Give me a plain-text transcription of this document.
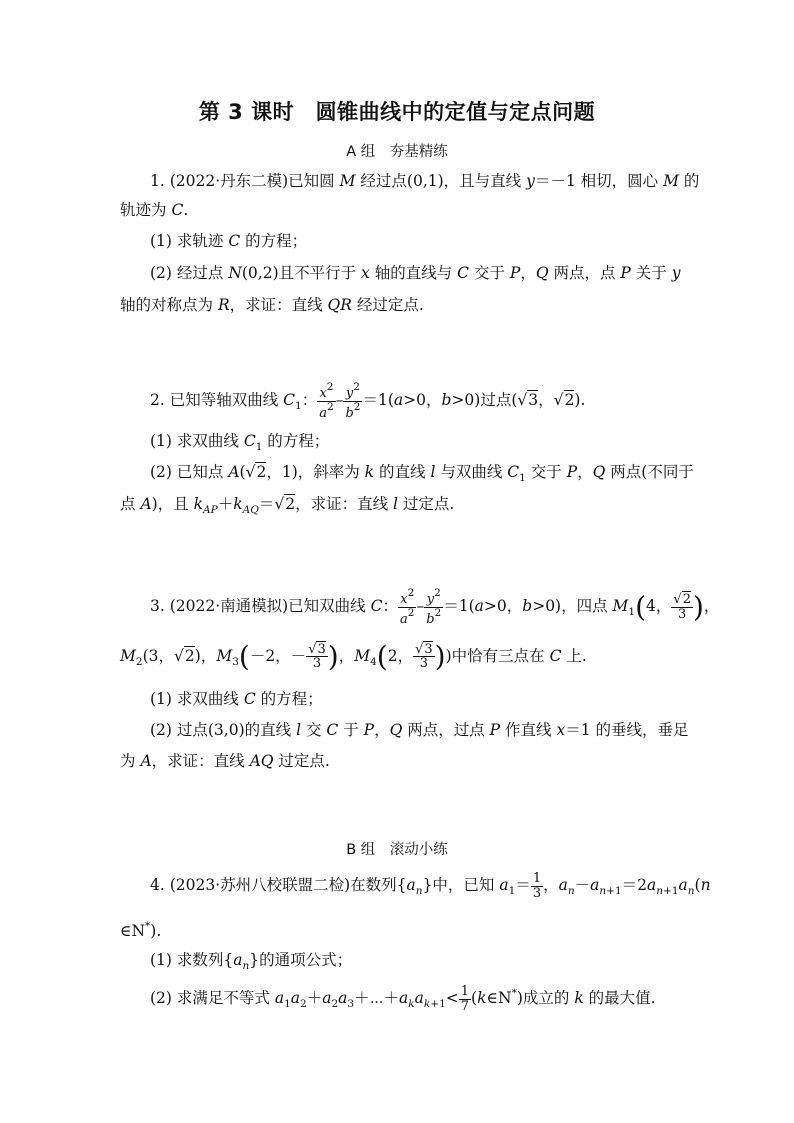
第 3 课时　圆锥曲线中的定值与定点问题
A 组　夯基精练
1. (2022·丹东二模)已知圆 M 经过点(0,1)，且与直线 y＝－1 相切，圆心 M 的
轨迹为 C.
(1) 求轨迹 C 的方程；
(2) 经过点 N(0,2)且不平行于 x 轴的直线与 C 交于 P，Q 两点，点 P 关于 y
轴的对称点为 R，求证：直线 QR 经过定点.
2. 已知等轴双曲线 $C_1$： $\frac{x^2}{a^2} - \frac{y^2}{b^2} =1(a>0$，b>0)过点(√3，√2).
(1) 求双曲线 $C_1$ 的方程；
(2) 已知点 A(√2，1)，斜率为 k 的直线 l 与双曲线 $C_1$ 交于 P，Q 两点(不同于
点 A)，且 $k_{AP}+k_{AQ}=√2$，求证：直线 l 过定点.
3. (2022·南通模拟)已知双曲线 C： $\frac{x^2}{a^2} - \frac{y^2}{b^2} =1(a>0$，b>0)，四点 $M_1(4$， $\frac{√2}{3}$ )，
$M_2(3$，√2)，$M_3(-2$，－ $\frac{√3}{3}$ )，$M_4(2$， $\frac{√3}{3}$ ))中恰有三点在 C 上.
(1) 求双曲线 C 的方程；
(2) 过点(3,0)的直线 l 交 C 于 P，Q 两点，过点 P 作直线 x＝1 的垂线，垂足
为 A，求证：直线 AQ 过定点.
B 组　滚动小练
4. (2023·苏州八校联盟二检)在数列$\{a_n\}$中，已知 $a_1= \frac{1}{3}$ ，$a_n-a_{n+1}=2a_{n+1}a_n(n$
∈N*).
(1) 求数列$\{a_n\}$的通项公式；
(2) 求满足不等式 $a_1a_2+a_2a_3+\cdots+a_ka_{k+1}< \frac{1}{7}$ (k∈N*)成立的 k 的最大值.
